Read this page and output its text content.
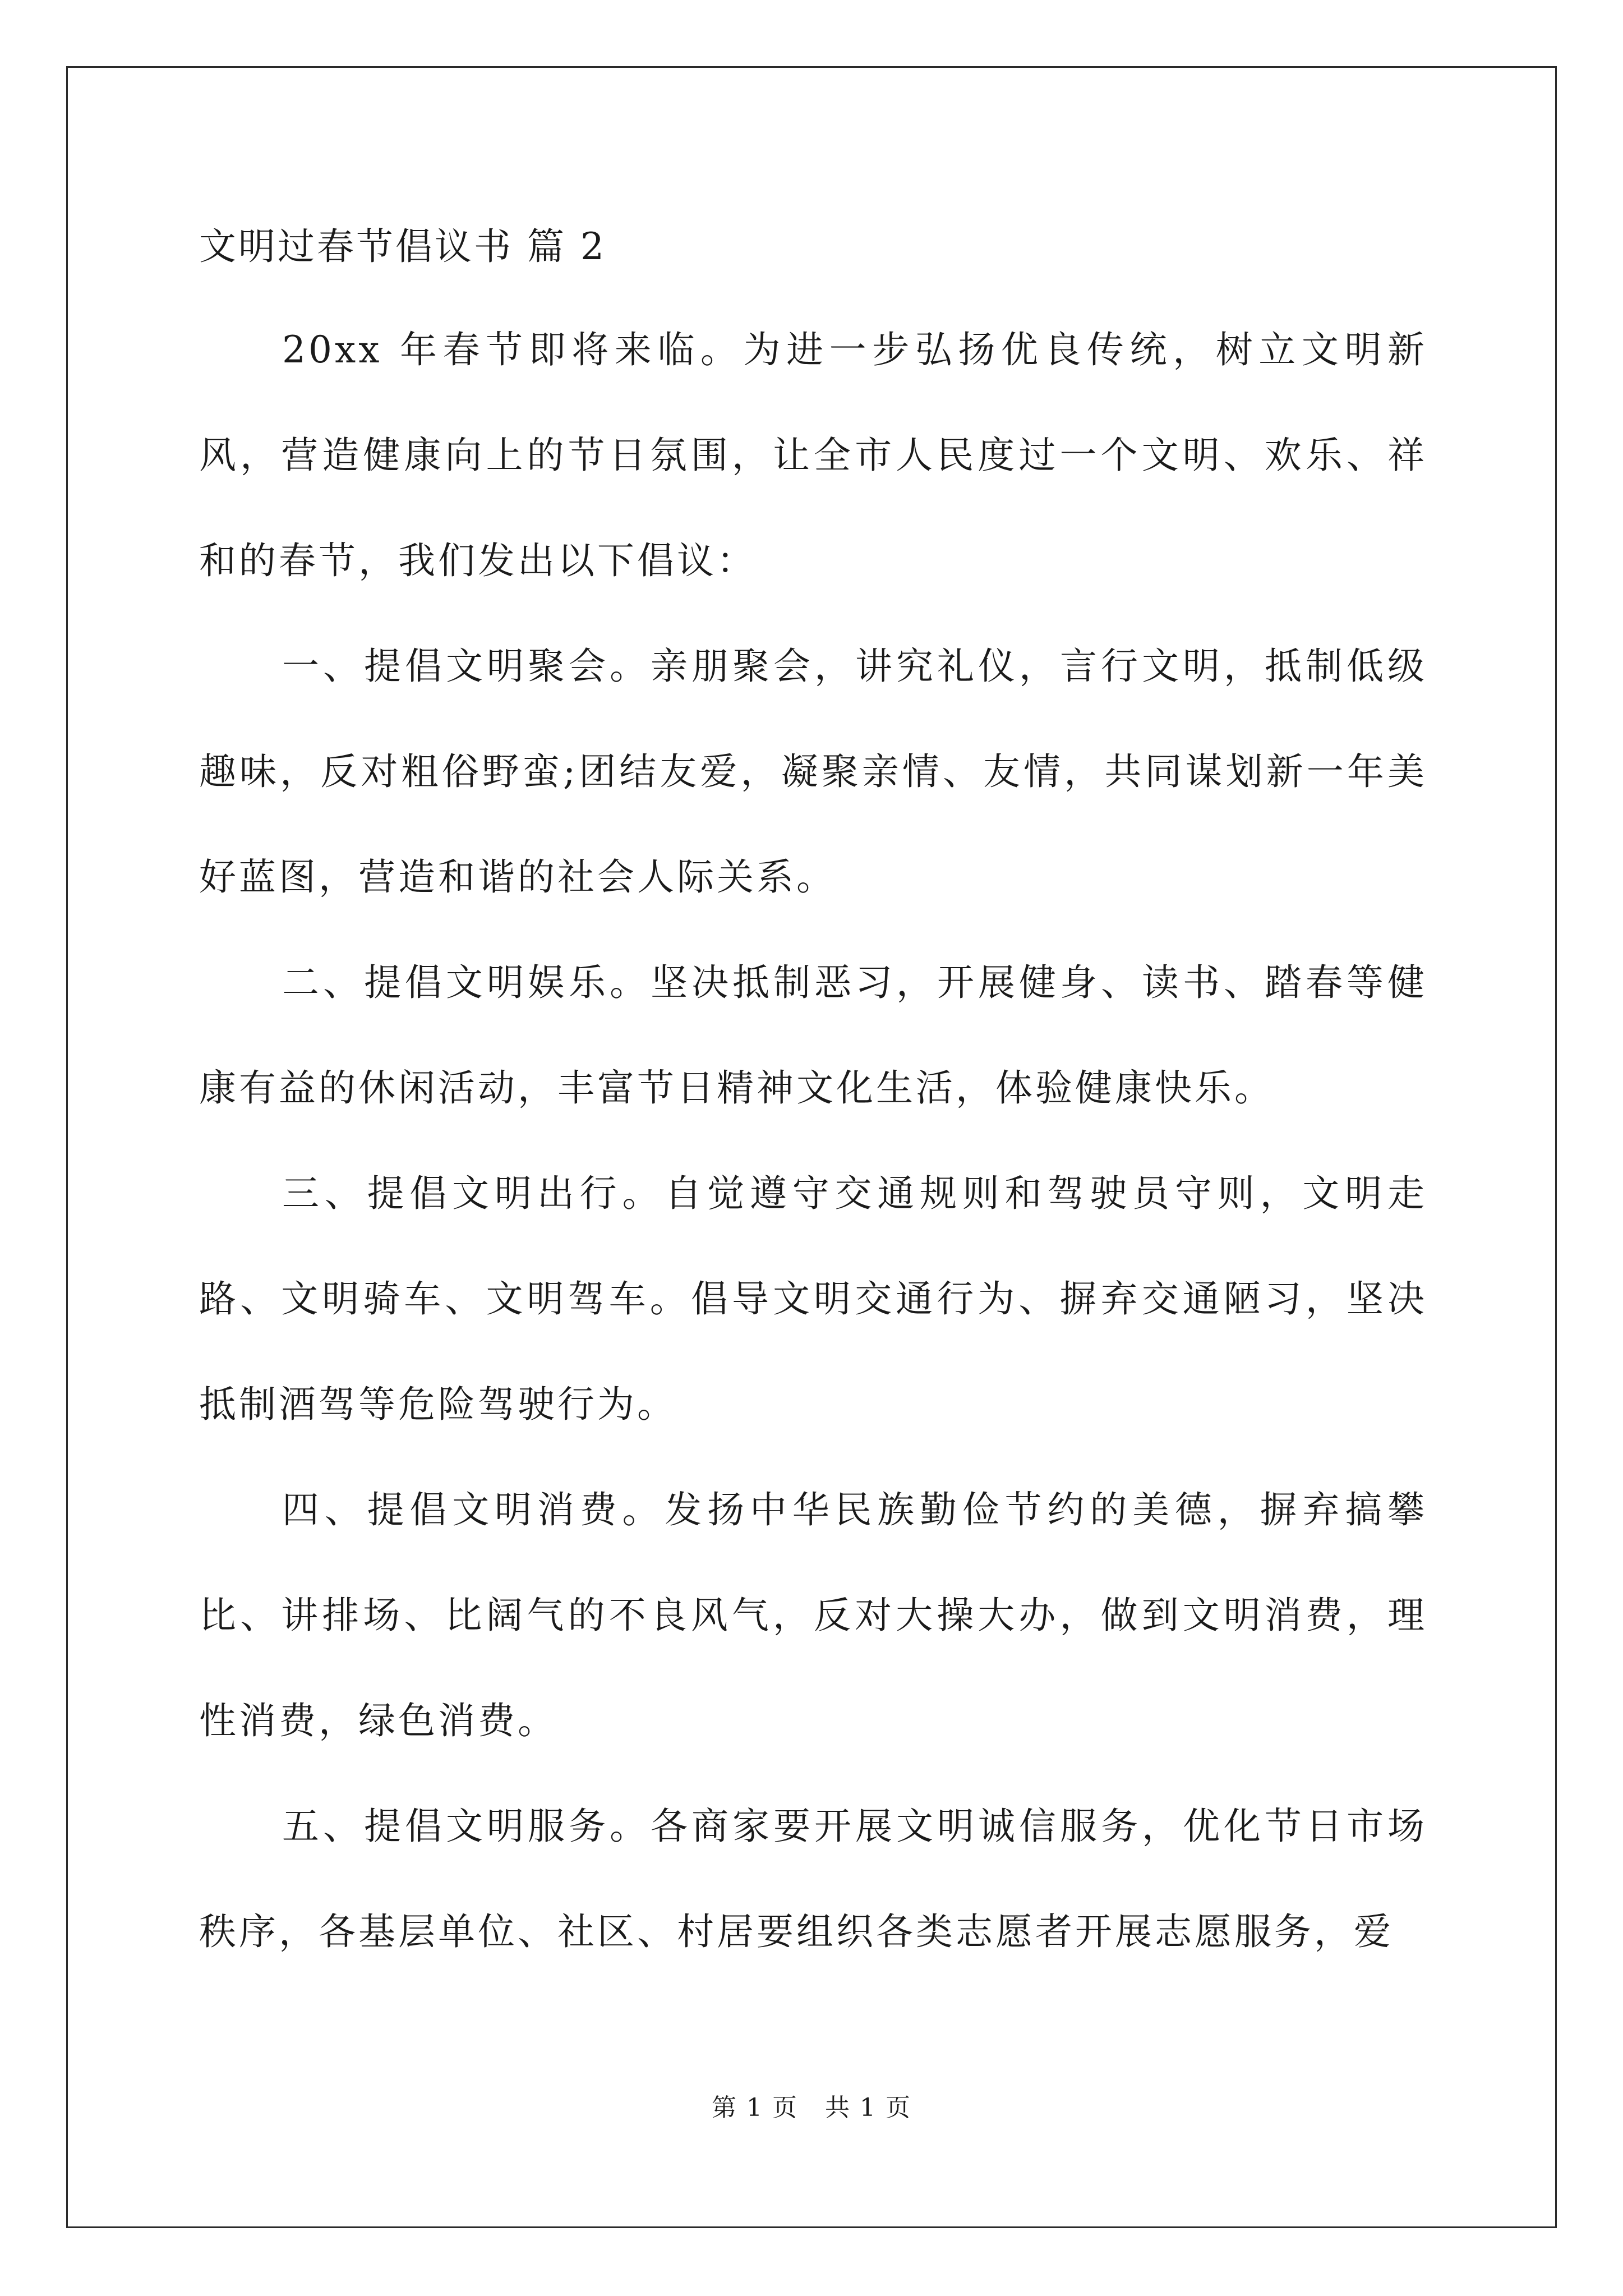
文明过春节倡议书 篇 2

20xx 年春节即将来临。为进一步弘扬优良传统，树立文明新风，营造健康向上的节日氛围，让全市人民度过一个文明、欢乐、祥和的春节，我们发出以下倡议：

一、提倡文明聚会。亲朋聚会，讲究礼仪，言行文明，抵制低级趣味，反对粗俗野蛮;团结友爱，凝聚亲情、友情，共同谋划新一年美好蓝图，营造和谐的社会人际关系。

二、提倡文明娱乐。坚决抵制恶习，开展健身、读书、踏春等健康有益的休闲活动，丰富节日精神文化生活，体验健康快乐。

三、提倡文明出行。自觉遵守交通规则和驾驶员守则，文明走路、文明骑车、文明驾车。倡导文明交通行为、摒弃交通陋习，坚决抵制酒驾等危险驾驶行为。

四、提倡文明消费。发扬中华民族勤俭节约的美德，摒弃搞攀比、讲排场、比阔气的不良风气，反对大操大办，做到文明消费，理性消费，绿色消费。

五、提倡文明服务。各商家要开展文明诚信服务，优化节日市场秩序，各基层单位、社区、村居要组织各类志愿者开展志愿服务，爱

第 1 页   共 1 页
